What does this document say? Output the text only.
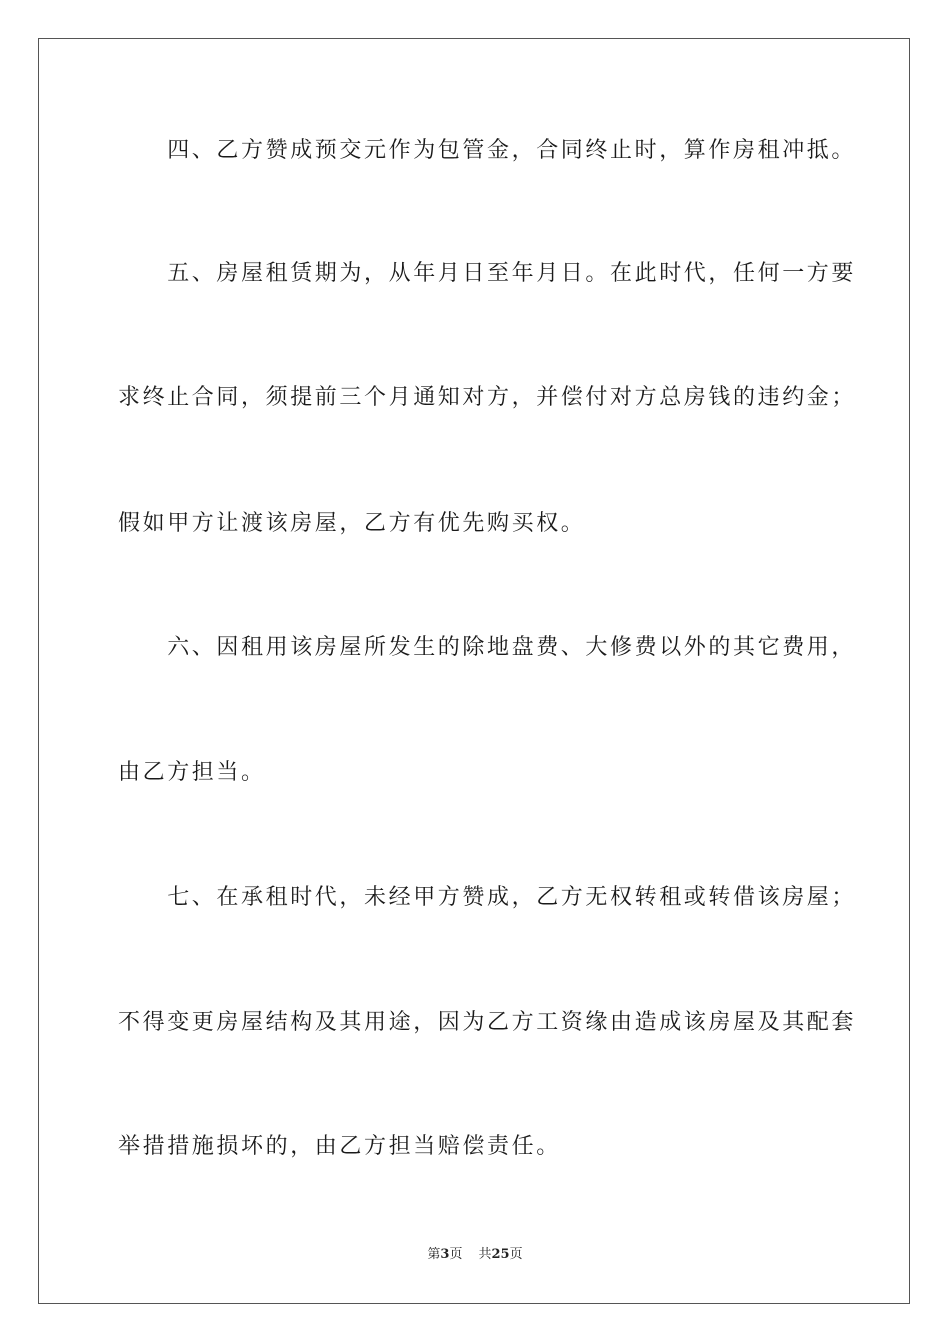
　　四、乙方赞成预交元作为包管金，合同终止时，算作房租冲抵。
　　五、房屋租赁期为，从年月日至年月日。在此时代，任何一方要
求终止合同，须提前三个月通知对方，并偿付对方总房钱的违约金；
假如甲方让渡该房屋，乙方有优先购买权。
　　六、因租用该房屋所发生的除地盘费、大修费以外的其它费用，
由乙方担当。
　　七、在承租时代，未经甲方赞成，乙方无权转租或转借该房屋；
不得变更房屋结构及其用途，因为乙方工资缘由造成该房屋及其配套
举措措施损坏的，由乙方担当赔偿责任。
第3页 共25页
